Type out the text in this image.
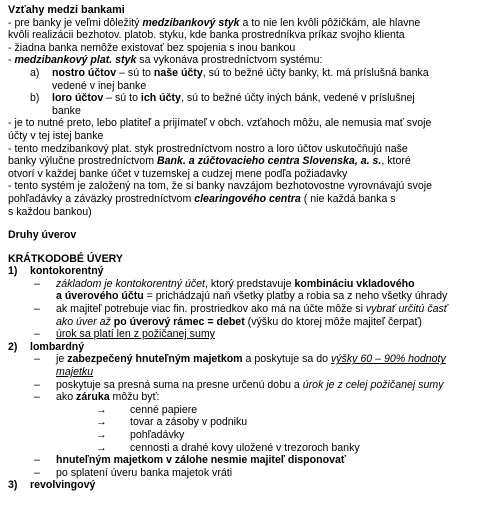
Vzťahy medzi bankami
- pre banky je veľmi dôležitý medzibankový styk a to nie len kvôli pôžičkám, ale hlavne
kvôli realizácii bezhotov. platob. styku, kde banka prostredníkva príkaz svojho klienta
- žiadna banka nemôže existovať bez spojenia s inou bankou
- medzibankový plat. styk sa vykonáva prostredníctvom systému:
a)	nostro účtov – sú to naše účty, sú to bežné účty banky, kt. má príslušná banka
vedené v inej banke
b)	loro účtov – sú to ich účty, sú to bežné účty iných bánk, vedené v príslušnej
banke
- je to nutné preto, lebo platiteľ a prijímateľ v obch. vzťahoch môžu, ale nemusia mať svoje
účty v tej istej banke
- tento medzibankový plat. styk prostredníctvom nostro a loro účtov uskutočňujú naše
banky výlučne prostredníctvom Bank. a zúčtovacieho centra Slovenska, a. s., ktoré
otvorí v každej banke účet v tuzemskej a cudzej mene podľa požiadavky
- tento systém je založený na tom, že si banky navzájom bezhotovostne vyrovnávajú svoje
pohľadávky a záväzky prostredníctvom clearingového centra ( nie každá banka s
s každou bankou)
Druhy úverov
KRÁTKODOBÉ ÚVERY
1)	kontokorentný
–	základom je kontokorentný účet, ktorý predstavuje kombináciu vkladového
a úverového účtu = prichádzajú naň všetky platby a robia sa z neho všetky úhrady
–	ak majiteľ potrebuje viac fin. prostriedkov ako má na účte môže si vybrať určitú časť
ako úver až po úverový rámec = debet (výšku do ktorej môže majiteľ čerpať)
–	úrok sa platí len z požičanej sumy
2)	lombardný
–	je zabezpečený hnuteľným majetkom a poskytuje sa do výšky 60 – 90% hodnoty
majetku
–	poskytuje sa presná suma na presne určenú dobu a úrok je z celej požičanej sumy
–	ako záruka môžu byť:
→	cenné papiere
→	tovar a zásoby v podniku
→	pohľadávky
→	cennosti a drahé kovy uložené v trezoroch banky
–	hnuteľným majetkom v zálohe nesmie majiteľ disponovať
–	po splatení úveru banka majetok vráti
3)	revolvingový
